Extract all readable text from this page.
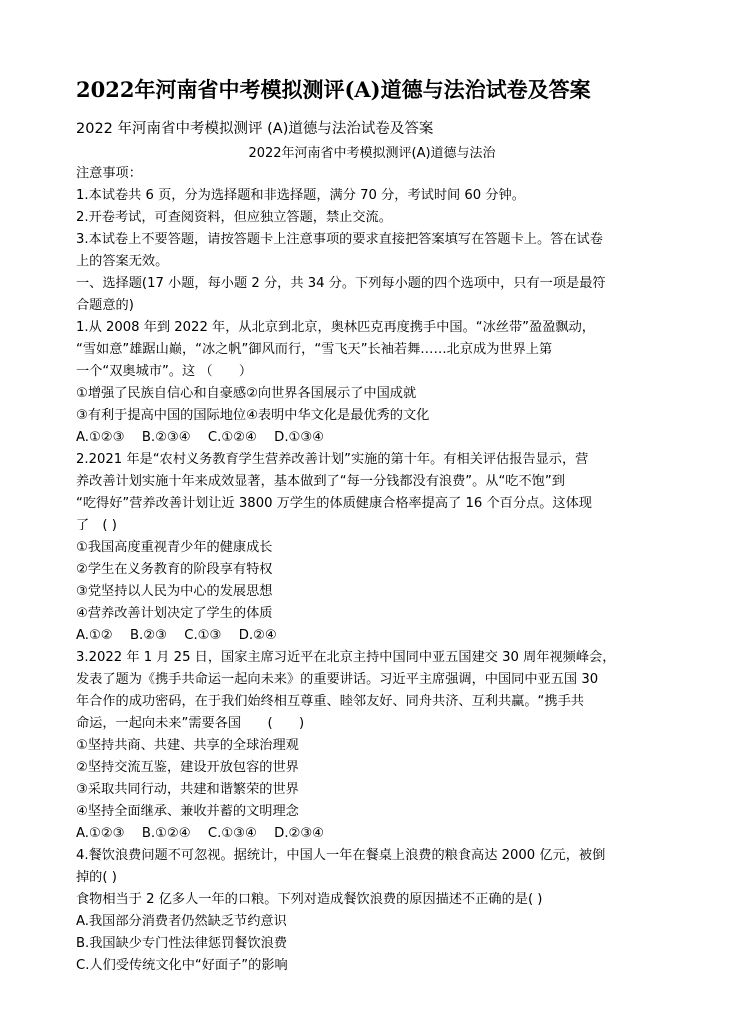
2022年河南省中考模拟测评(A)道德与法治试卷及答案
2022 年河南省中考模拟测评 (A)道德与法治试卷及答案
2022年河南省中考模拟测评(A)道德与法治
注意事项：
1.本试卷共 6 页，分为选择题和非选择题，满分 70 分，考试时间 60 分钟。
2.开卷考试，可查阅资料，但应独立答题，禁止交流。
3.本试卷上不要答题，请按答题卡上注意事项的要求直接把答案填写在答题卡上。答在试卷
上的答案无效。
一、选择题(17 小题，每小题 2 分，共 34 分。下列每小题的四个选项中，只有一项是最符
合题意的)
1.从 2008 年到 2022 年，从北京到北京，奥林匹克再度携手中国。“冰丝带”盈盈飘动，
“雪如意”雄踞山巅，“冰之帆”御风而行，“雪飞天”长袖若舞……北京成为世界上第
一个“双奥城市”。这 （　　）
①增强了民族自信心和自豪感②向世界各国展示了中国成就
③有利于提高中国的国际地位④表明中华文化是最优秀的文化
A.①②③　 B.②③④　 C.①②④　 D.①③④
2.2021 年是“农村义务教育学生营养改善计划”实施的第十年。有相关评估报告显示，营
养改善计划实施十年来成效显著，基本做到了“每一分钱都没有浪费”。从“吃不饱”到
“吃得好”营养改善计划让近 3800 万学生的体质健康合格率提高了 16 个百分点。这体现
了　( )
①我国高度重视青少年的健康成长
②学生在义务教育的阶段享有特权
③党坚持以人民为中心的发展思想
④营养改善计划决定了学生的体质
A.①②　 B.②③　 C.①③　 D.②④
3.2022 年 1 月 25 日，国家主席习近平在北京主持中国同中亚五国建交 30 周年视频峰会，
发表了题为《携手共命运一起向未来》的重要讲话。习近平主席强调，中国同中亚五国 30
年合作的成功密码，在于我们始终相互尊重、睦邻友好、同舟共济、互利共赢。“携手共
命运，一起向未来”需要各国　　(　　)
①坚持共商、共建、共享的全球治理观
②坚持交流互鉴，建设开放包容的世界
③采取共同行动，共建和谐繁荣的世界
④坚持全面继承、兼收并蓄的文明理念
A.①②③　 B.①②④　 C.①③④　 D.②③④
4.餐饮浪费问题不可忽视。据统计，中国人一年在餐桌上浪费的粮食高达 2000 亿元，被倒
掉的( )
食物相当于 2 亿多人一年的口粮。下列对造成餐饮浪费的原因描述不正确的是( )
A.我国部分消费者仍然缺乏节约意识
B.我国缺少专门性法律惩罚餐饮浪费
C.人们受传统文化中“好面子”的影响
